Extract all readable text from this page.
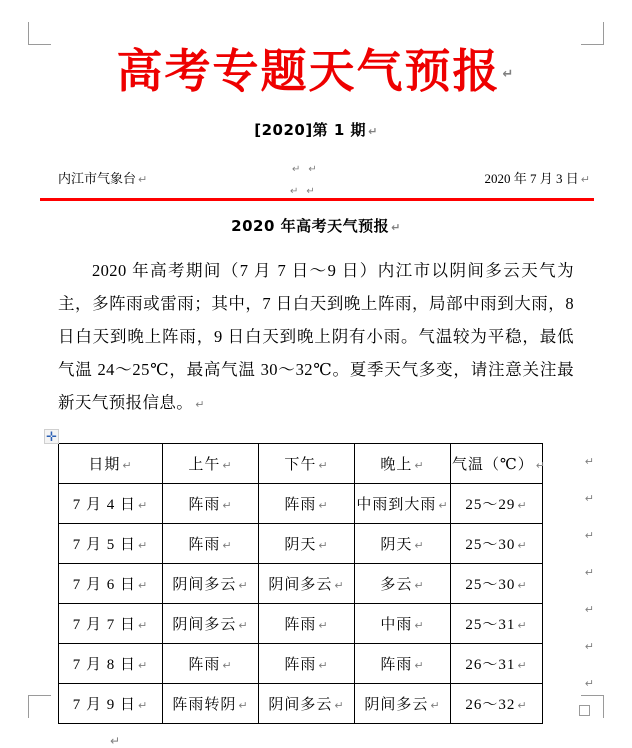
高考专题天气预报 ↵
[2020]第 1 期 ↵
内江市气象台 ↵
↵ ↵
↵ ↵
2020 年 7 月 3 日 ↵
2020 年高考天气预报 ↵
2020 年高考期间（7 月 7 日～9 日）内江市以阴间多云天气为主，多阵雨或雷雨；其中，7 日白天到晚上阵雨，局部中雨到大雨，8 日白天到晚上阵雨，9 日白天到晚上阴有小雨。气温较为平稳，最低气温 24～25℃，最高气温 30～32℃。夏季天气多变，请注意关注最新天气预报信息。 ↵
✛
日期 ↵	上午 ↵	下午 ↵	晚上 ↵	气温（℃） ↵
7 月 4 日 ↵	阵雨 ↵	阵雨 ↵	中雨到大雨 ↵	25～29 ↵
7 月 5 日 ↵	阵雨 ↵	阴天 ↵	阴天 ↵	25～30 ↵
7 月 6 日 ↵	阴间多云 ↵	阴间多云 ↵	多云 ↵	25～30 ↵
7 月 7 日 ↵	阴间多云 ↵	阵雨 ↵	中雨 ↵	25～31 ↵
7 月 8 日 ↵	阵雨 ↵	阵雨 ↵	阵雨 ↵	26～31 ↵
7 月 9 日 ↵	阵雨转阴 ↵	阴间多云 ↵	阴间多云 ↵	26～32 ↵
↵
↵
↵
↵
↵
↵
↵
↵
